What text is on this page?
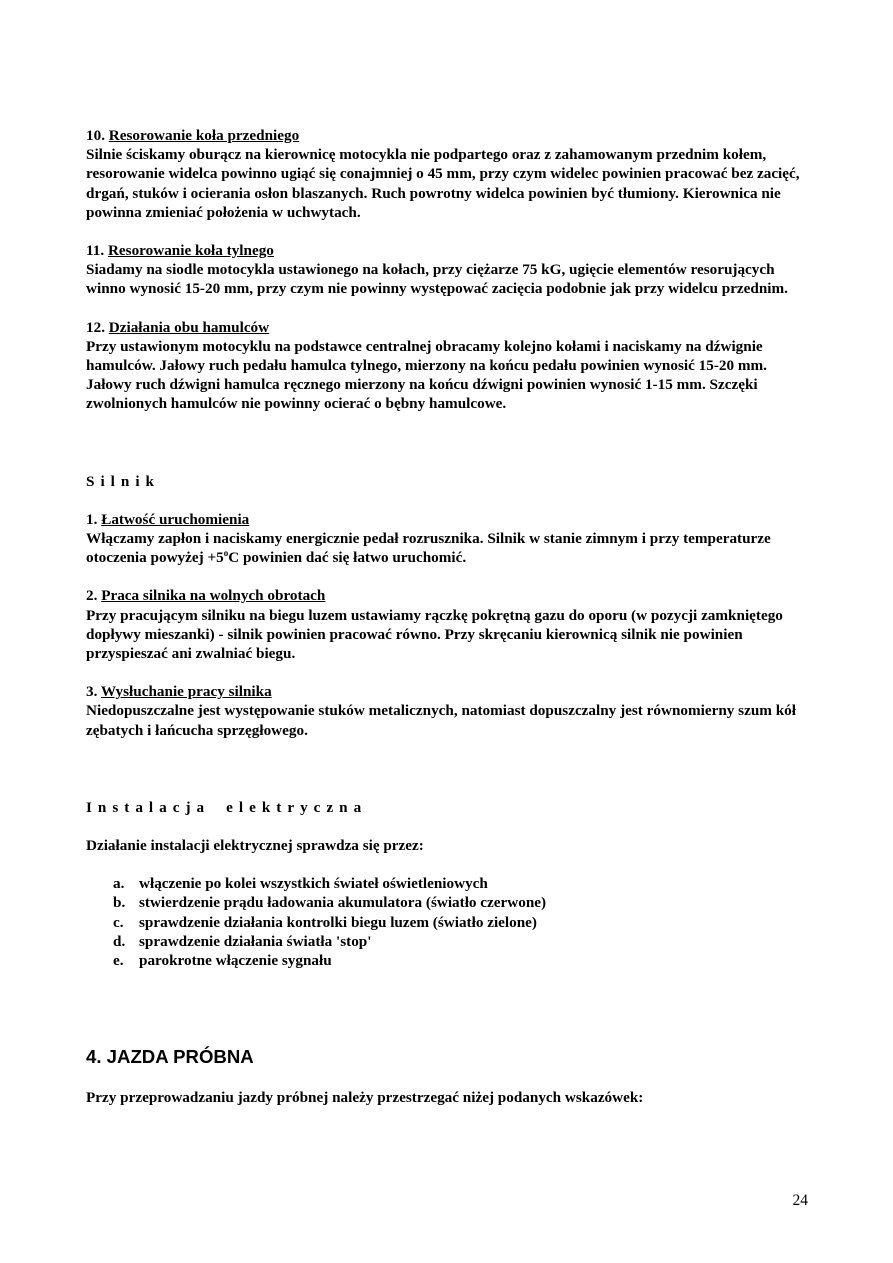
10. Resorowanie koła przedniego

Silnie ściskamy oburącz na kierownicę motocykla nie podpartego oraz z zahamowanym przednim kołem, resorowanie widelca powinno ugiąć się conajmniej o 45 mm, przy czym widelec powinien pracować bez zacięć, drgań, stuków i ocierania osłon blaszanych. Ruch powrotny widelca powinien być tłumiony. Kierownica nie powinna zmieniać położenia w uchwytach.

11. Resorowanie koła tylnego

Siadamy na siodle motocykla ustawionego na kołach, przy ciężarze 75 kG, ugięcie elementów resorujących winno wynosić 15-20 mm, przy czym nie powinny występować zacięcia podobnie jak przy widelcu przednim.

12. Działania obu hamulców

Przy ustawionym motocyklu na podstawce centralnej obracamy kolejno kołami i naciskamy na dźwignie hamulców. Jałowy ruch pedału hamulca tylnego, mierzony na końcu pedału powinien wynosić 15-20 mm. Jałowy ruch dźwigni hamulca ręcznego mierzony na końcu dźwigni powinien wynosić 1-15 mm. Szczęki zwolnionych hamulców nie powinny ocierać o bębny hamulcowe.

Silnik

1. Łatwość uruchomienia

Włączamy zapłon i naciskamy energicznie pedał rozrusznika. Silnik w stanie zimnym i przy temperaturze otoczenia powyżej $+5^oC$ powinien dać się łatwo uruchomić.

2. Praca silnika na wolnych obrotach

Przy pracującym silniku na biegu luzem ustawiamy rączkę pokrętną gazu do oporu (w pozycji zamkniętego dopływy mieszanki) - silnik powinien pracować równo. Przy skręcaniu kierownicą silnik nie powinien przyspieszać ani zwalniać biegu.

3. Wysłuchanie pracy silnika

Niedopuszczalne jest występowanie stuków metalicznych, natomiast dopuszczalny jest równomierny szum kół zębatych i łańcucha sprzęgłowego.

Instalacja elektryczna

Działanie instalacji elektrycznej sprawdza się przez:

a. włączenie po kolei wszystkich świateł oświetleniowych
b. stwierdzenie prądu ładowania akumulatora (światło czerwone)
c.	sprawdzenie działania kontrolki biegu luzem (światło zielone)
d. sprawdzenie działania światła 'stop'
e.	parokrotne włączenie sygnału
4. JAZDA PRÓBNA

Przy przeprowadzaniu jazdy próbnej należy przestrzegać niżej podanych wskazówek:

24
